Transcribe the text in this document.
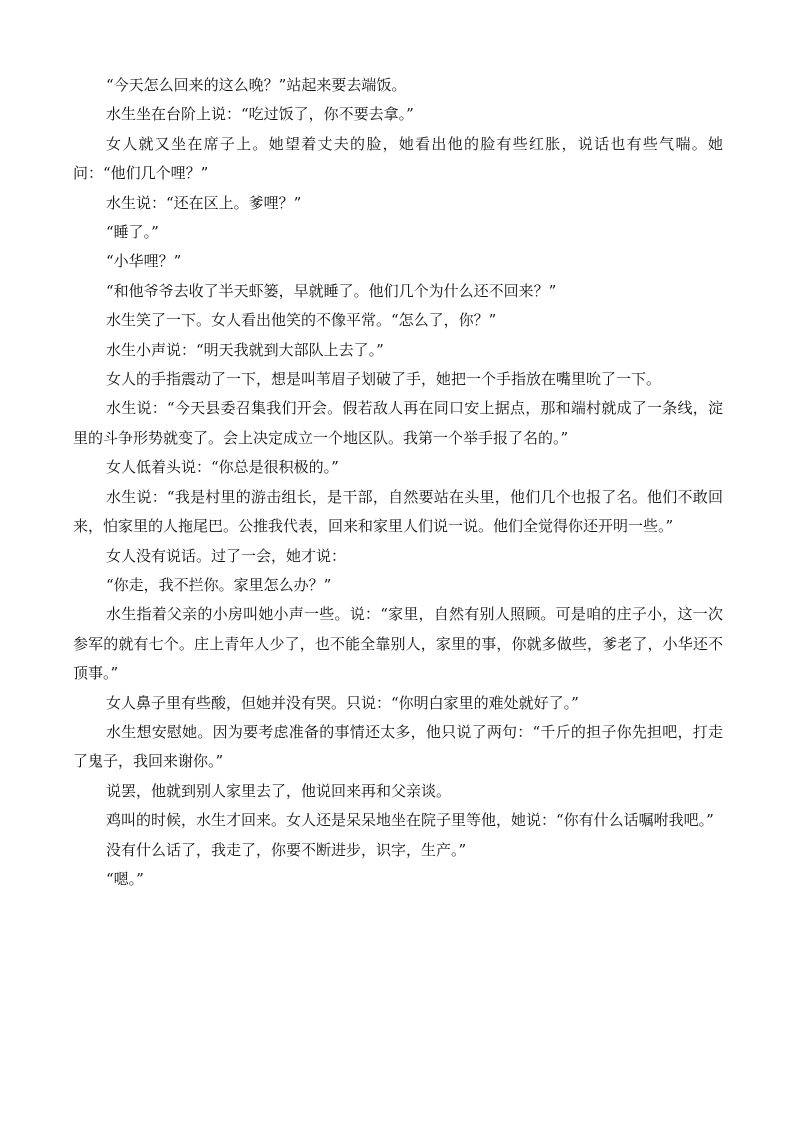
“今天怎么回来的这么晚？”站起来要去端饭。

水生坐在台阶上说：“吃过饭了，你不要去拿。”

女人就又坐在席子上。她望着丈夫的脸，她看出他的脸有些红胀，说话也有些气喘。她问：“他们几个哩？”

水生说：“还在区上。爹哩？”

“睡了。”

“小华哩？”

“和他爷爷去收了半天虾篓，早就睡了。他们几个为什么还不回来？”

水生笑了一下。女人看出他笑的不像平常。“怎么了，你？”

水生小声说：“明天我就到大部队上去了。”

女人的手指震动了一下，想是叫苇眉子划破了手，她把一个手指放在嘴里吮了一下。

水生说：“今天县委召集我们开会。假若敌人再在同口安上据点，那和端村就成了一条线，淀里的斗争形势就变了。会上决定成立一个地区队。我第一个举手报了名的。”

女人低着头说：“你总是很积极的。”

水生说：“我是村里的游击组长，是干部，自然要站在头里，他们几个也报了名。他们不敢回来，怕家里的人拖尾巴。公推我代表，回来和家里人们说一说。他们全觉得你还开明一些。”

女人没有说话。过了一会，她才说：

“你走，我不拦你。家里怎么办？”

水生指着父亲的小房叫她小声一些。说：“家里，自然有别人照顾。可是咱的庄子小，这一次参军的就有七个。庄上青年人少了，也不能全靠别人，家里的事，你就多做些，爹老了，小华还不顶事。”

女人鼻子里有些酸，但她并没有哭。只说：“你明白家里的难处就好了。”

水生想安慰她。因为要考虑准备的事情还太多，他只说了两句：“千斤的担子你先担吧，打走了鬼子，我回来谢你。”

说罢，他就到别人家里去了，他说回来再和父亲谈。

鸡叫的时候，水生才回来。女人还是呆呆地坐在院子里等他，她说：“你有什么话嘱咐我吧。”

没有什么话了，我走了，你要不断进步，识字，生产。”

“嗯。”
